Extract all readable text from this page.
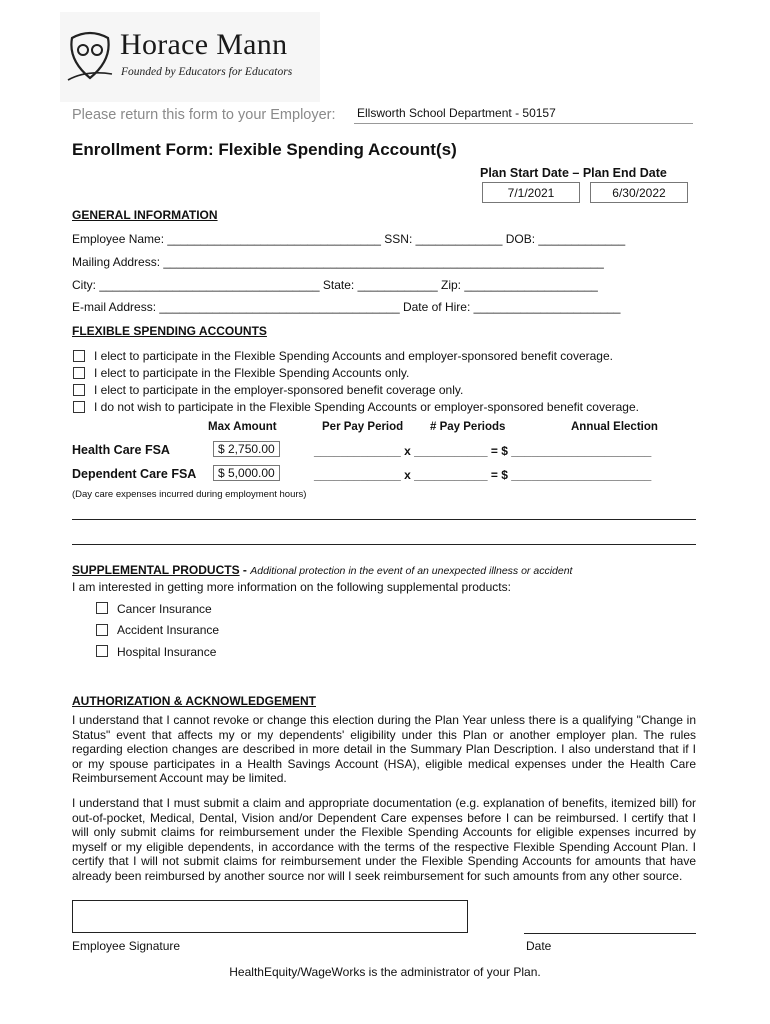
Horace Mann
Founded by Educators for Educators
Please return this form to your Employer: Ellsworth School Department - 50157
Enrollment Form: Flexible Spending Account(s)
Plan Start Date – Plan End Date
7/1/2021	6/30/2022
GENERAL INFORMATION
Employee Name: ________________________________ SSN: _____________ DOB: _____________
Mailing Address: __________________________________________________________________
City: _________________________________ State: ____________ Zip: ____________________
E-mail Address: ____________________________________ Date of Hire: ______________________
FLEXIBLE SPENDING ACCOUNTS
I elect to participate in the Flexible Spending Accounts and employer-sponsored benefit coverage.
I elect to participate in the Flexible Spending Accounts only.
I elect to participate in the employer-sponsored benefit coverage only.
I do not wish to participate in the Flexible Spending Accounts or employer-sponsored benefit coverage.
Max Amount	Per Pay Period # Pay Periods	Annual Election
Health Care FSA	$ 2,750.00	_____________ x ___________ = $ _____________________
Dependent Care FSA	$ 5,000.00	_____________ x ___________ = $ _____________________
(Day care expenses incurred during employment hours)
SUPPLEMENTAL PRODUCTS - Additional protection in the event of an unexpected illness or accident
I am interested in getting more information on the following supplemental products:
Cancer Insurance
Accident Insurance
Hospital Insurance
AUTHORIZATION & ACKNOWLEDGEMENT
I understand that I cannot revoke or change this election during the Plan Year unless there is a qualifying "Change in Status" event that affects my or my dependents' eligibility under this Plan or another employer plan. The rules regarding election changes are described in more detail in the Summary Plan Description. I also understand that if I or my spouse participates in a Health Savings Account (HSA), eligible medical expenses under the Health Care Reimbursement Account may be limited.
I understand that I must submit a claim and appropriate documentation (e.g. explanation of benefits, itemized bill) for out-of-pocket, Medical, Dental, Vision and/or Dependent Care expenses before I can be reimbursed. I certify that I will only submit claims for reimbursement under the Flexible Spending Accounts for eligible expenses incurred by myself or my eligible dependents, in accordance with the terms of the respective Flexible Spending Account Plan. I certify that I will not submit claims for reimbursement under the Flexible Spending Accounts for amounts that have already been reimbursed by another source nor will I seek reimbursement for such amounts from any other source.
Employee Signature	Date
HealthEquity/WageWorks is the administrator of your Plan.
